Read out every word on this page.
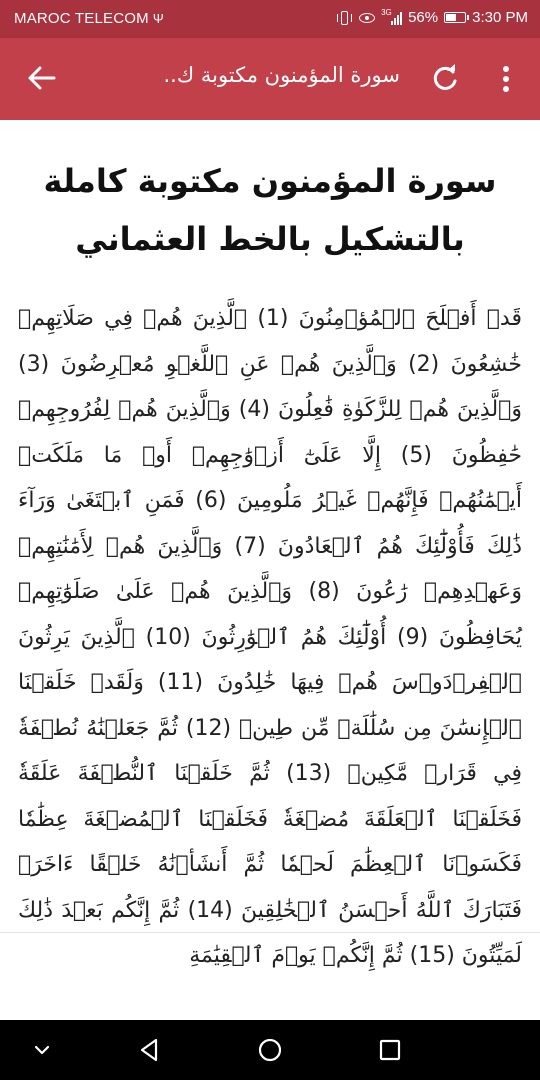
MAROC TELECOM Ψ	3G 56% 3:30 PM
سورة المؤمنون مكتوبة ك..
سورة المؤمنون مكتوبة كاملة بالتشكيل بالخط العثماني

قَدۡ أَفۡلَحَ ٱلۡمُؤۡمِنُونَ (1) ٱلَّذِينَ هُمۡ فِي صَلَاتِهِمۡ خَٰشِعُونَ (2) وَٱلَّذِينَ هُمۡ عَنِ ٱللَّغۡوِ مُعۡرِضُونَ (3) وَٱلَّذِينَ هُمۡ لِلزَّكَوٰةِ فَٰعِلُونَ (4) وَٱلَّذِينَ هُمۡ لِفُرُوجِهِمۡ حَٰفِظُونَ (5) إِلَّا عَلَىٰٓ أَزۡوَٰجِهِمۡ أَوۡ مَا مَلَكَتۡ أَيۡمَٰنُهُمۡ فَإِنَّهُمۡ غَيۡرُ مَلُومِينَ (6) فَمَنِ ٱبۡتَغَىٰ وَرَآءَ ذَٰلِكَ فَأُوْلَٰٓئِكَ هُمُ ٱلۡعَادُونَ (7) وَٱلَّذِينَ هُمۡ لِأَمَٰنَٰتِهِمۡ وَعَهۡدِهِمۡ رَٰعُونَ (8) وَٱلَّذِينَ هُمۡ عَلَىٰ صَلَوَٰتِهِمۡ يُحَافِظُونَ (9) أُوْلَٰٓئِكَ هُمُ ٱلۡوَٰرِثُونَ (10) ٱلَّذِينَ يَرِثُونَ ٱلۡفِرۡدَوۡسَ هُمۡ فِيهَا خَٰلِدُونَ (11) وَلَقَدۡ خَلَقۡنَا ٱلۡإِنسَٰنَ مِن سُلَٰلَةٖ مِّن طِينٖ (12) ثُمَّ جَعَلۡنَٰهُ نُطۡفَةٗ فِي قَرَارٖ مَّكِينٖ (13) ثُمَّ خَلَقۡنَا ٱلنُّطۡفَةَ عَلَقَةٗ فَخَلَقۡنَا ٱلۡعَلَقَةَ مُضۡغَةٗ فَخَلَقۡنَا ٱلۡمُضۡغَةَ عِظَٰمٗا فَكَسَوۡنَا ٱلۡعِظَٰمَ لَحۡمٗا ثُمَّ أَنشَأۡنَٰهُ خَلۡقًا ءَاخَرَۚ فَتَبَارَكَ ٱللَّهُ أَحۡسَنُ ٱلۡخَٰلِقِينَ (14) ثُمَّ إِنَّكُم بَعۡدَ ذَٰلِكَ لَمَيِّتُونَ (15) ثُمَّ إِنَّكُمۡ يَوۡمَ ٱلۡقِيَٰمَةِ
